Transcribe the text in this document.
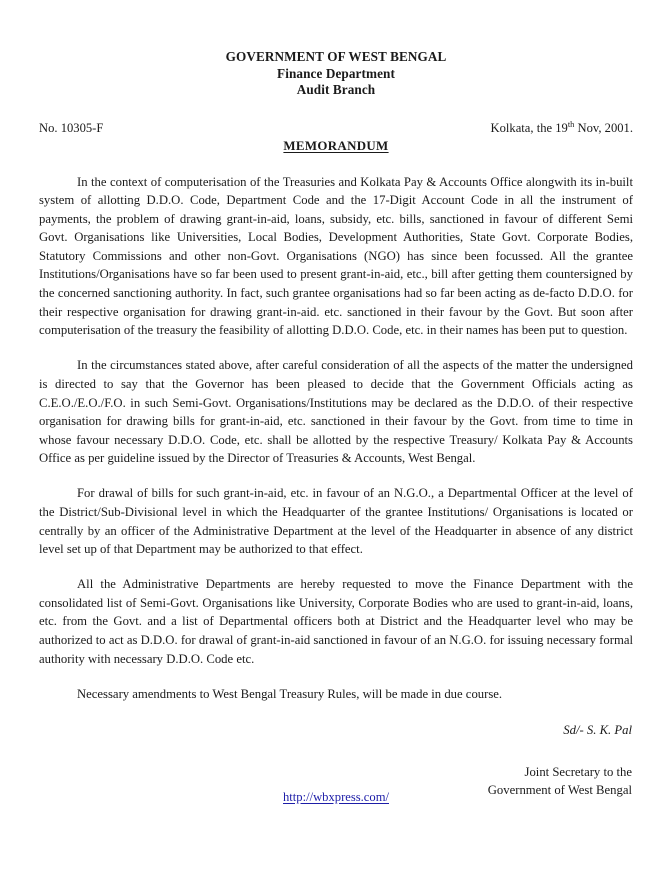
GOVERNMENT OF WEST BENGAL
Finance Department
Audit Branch
No. 10305-F	Kolkata, the 19th Nov, 2001.
MEMORANDUM

In the context of computerisation of the Treasuries and Kolkata Pay & Accounts Office alongwith its in-built system of allotting D.D.O. Code, Department Code and the 17-Digit Account Code in all the instrument of payments, the problem of drawing grant-in-aid, loans, subsidy, etc. bills, sanctioned in favour of different Semi Govt. Organisations like Universities, Local Bodies, Development Authorities, State Govt. Corporate Bodies, Statutory Commissions and other non-Govt. Organisations (NGO) has since been focussed. All the grantee Institutions/Organisations have so far been used to present grant-in-aid, etc., bill after getting them countersigned by the concerned sanctioning authority. In fact, such grantee organisations had so far been acting as de-facto D.D.O. for their respective organisation for drawing grant-in-aid. etc. sanctioned in their favour by the Govt. But soon after computerisation of the treasury the feasibility of allotting D.D.O. Code, etc. in their names has been put to question.

In the circumstances stated above, after careful consideration of all the aspects of the matter the undersigned is directed to say that the Governor has been pleased to decide that the Government Officials acting as C.E.O./E.O./F.O. in such Semi-Govt. Organisations/Institutions may be declared as the D.D.O. of their respective organisation for drawing bills for grant-in-aid, etc. sanctioned in their favour by the Govt. from time to time in whose favour necessary D.D.O. Code, etc. shall be allotted by the respective Treasury/ Kolkata Pay & Accounts Office as per guideline issued by the Director of Treasuries & Accounts, West Bengal.

For drawal of bills for such grant-in-aid, etc. in favour of an N.G.O., a Departmental Officer at the level of the District/Sub-Divisional level in which the Headquarter of the grantee Institutions/ Organisations is located or centrally by an officer of the Administrative Department at the level of the Headquarter in absence of any district level set up of that Department may be authorized to that effect.

All the Administrative Departments are hereby requested to move the Finance Department with the consolidated list of Semi-Govt. Organisations like University, Corporate Bodies who are used to grant-in-aid, loans, etc. from the Govt. and a list of Departmental officers both at District and the Headquarter level who may be authorized to act as D.D.O. for drawal of grant-in-aid sanctioned in favour of an N.G.O. for issuing necessary formal authority with necessary D.D.O. Code etc.

Necessary amendments to West Bengal Treasury Rules, will be made in due course.

Sd/- S. K. Pal
Joint Secretary to the
Government of West Bengal
http://wbxpress.com/
